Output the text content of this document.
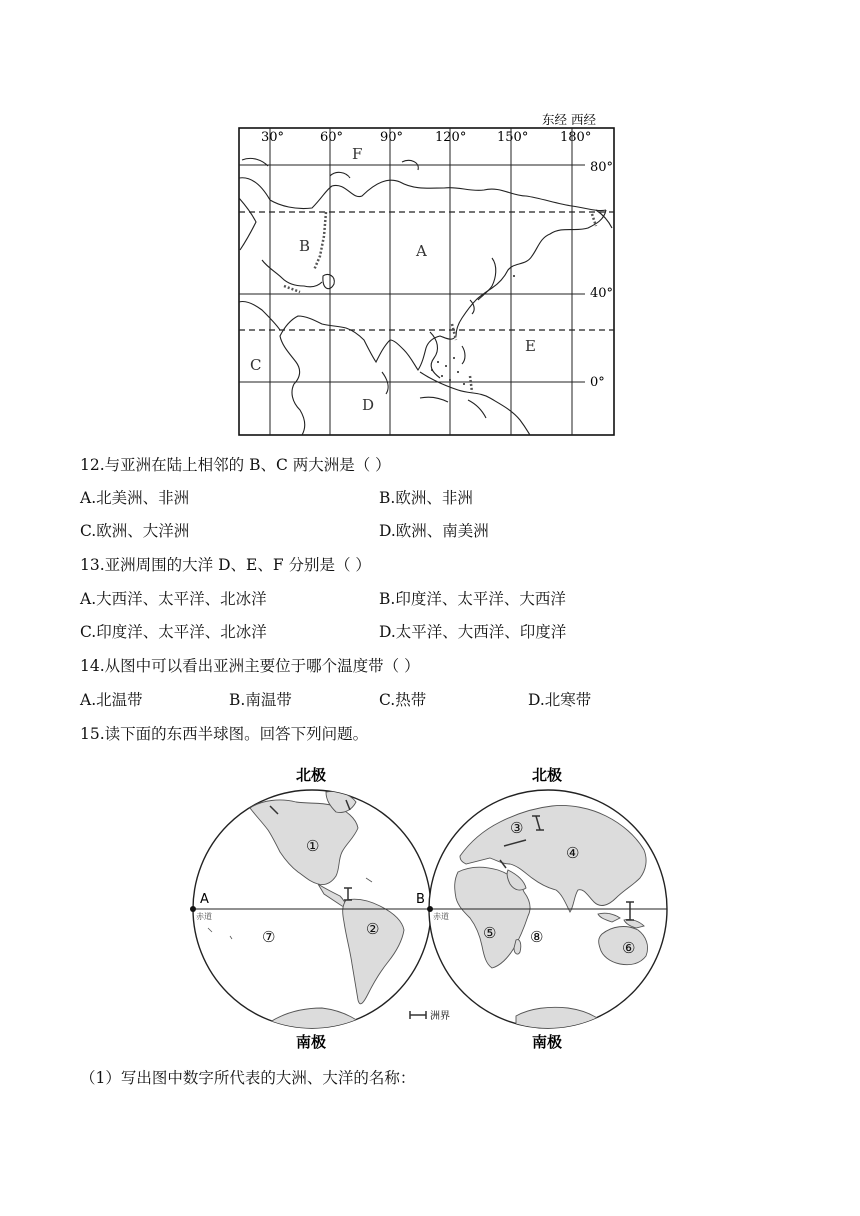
东经 西经
30°	60°	90° 120° 150° 180°
80°
40°
0°
F
B	A
C
E
D
12.与亚洲在陆上相邻的 B、C 两大洲是（ ）
A.北美洲、非洲	B.欧洲、非洲
C.欧洲、大洋洲	D.欧洲、南美洲
13.亚洲周围的大洋 D、E、F 分别是（ ）
A.大西洋、太平洋、北冰洋	B.印度洋、太平洋、大西洋
C.印度洋、太平洋、北冰洋	D.太平洋、大西洋、印度洋
14.从图中可以看出亚洲主要位于哪个温度带（ ）
A.北温带	B.南温带	C.热带	D.北寒带
15.读下面的东西半球图。回答下列问题。
北极	北极
南极	南极
A	B
赤道	赤道
①
②
③
④
⑤
⑥
⑦	⑧
洲界
（1）写出图中数字所代表的大洲、大洋的名称：
